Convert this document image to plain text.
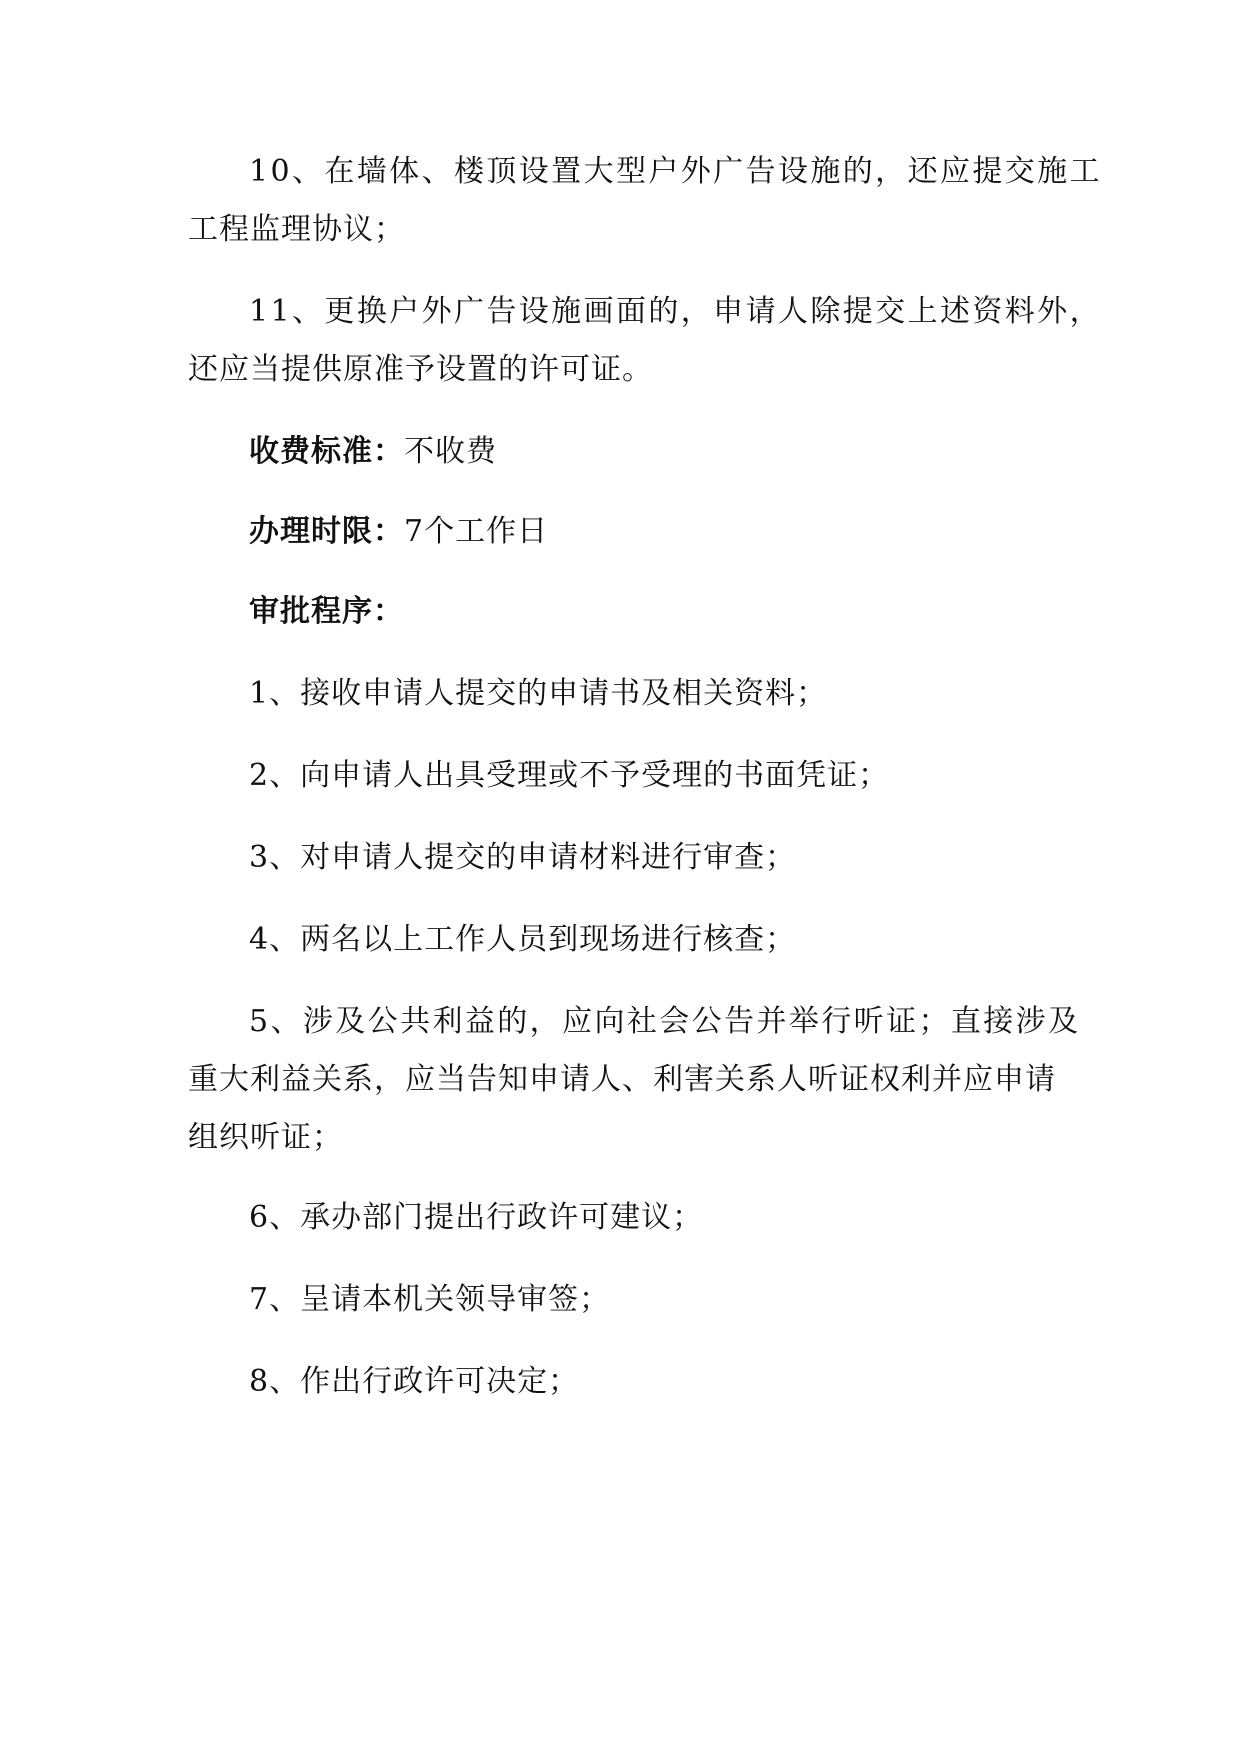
10、在墙体、楼顶设置大型户外广告设施的，还应提交施工
工程监理协议；
11、更换户外广告设施画面的，申请人除提交上述资料外，
还应当提供原准予设置的许可证。
收费标准：不收费
办理时限：7个工作日
审批程序：
1、接收申请人提交的申请书及相关资料；
2、向申请人出具受理或不予受理的书面凭证；
3、对申请人提交的申请材料进行审查；
4、两名以上工作人员到现场进行核查；
5、涉及公共利益的，应向社会公告并举行听证；直接涉及
重大利益关系，应当告知申请人、利害关系人听证权利并应申请
组织听证；
6、承办部门提出行政许可建议；
7、呈请本机关领导审签；
8、作出行政许可决定；
